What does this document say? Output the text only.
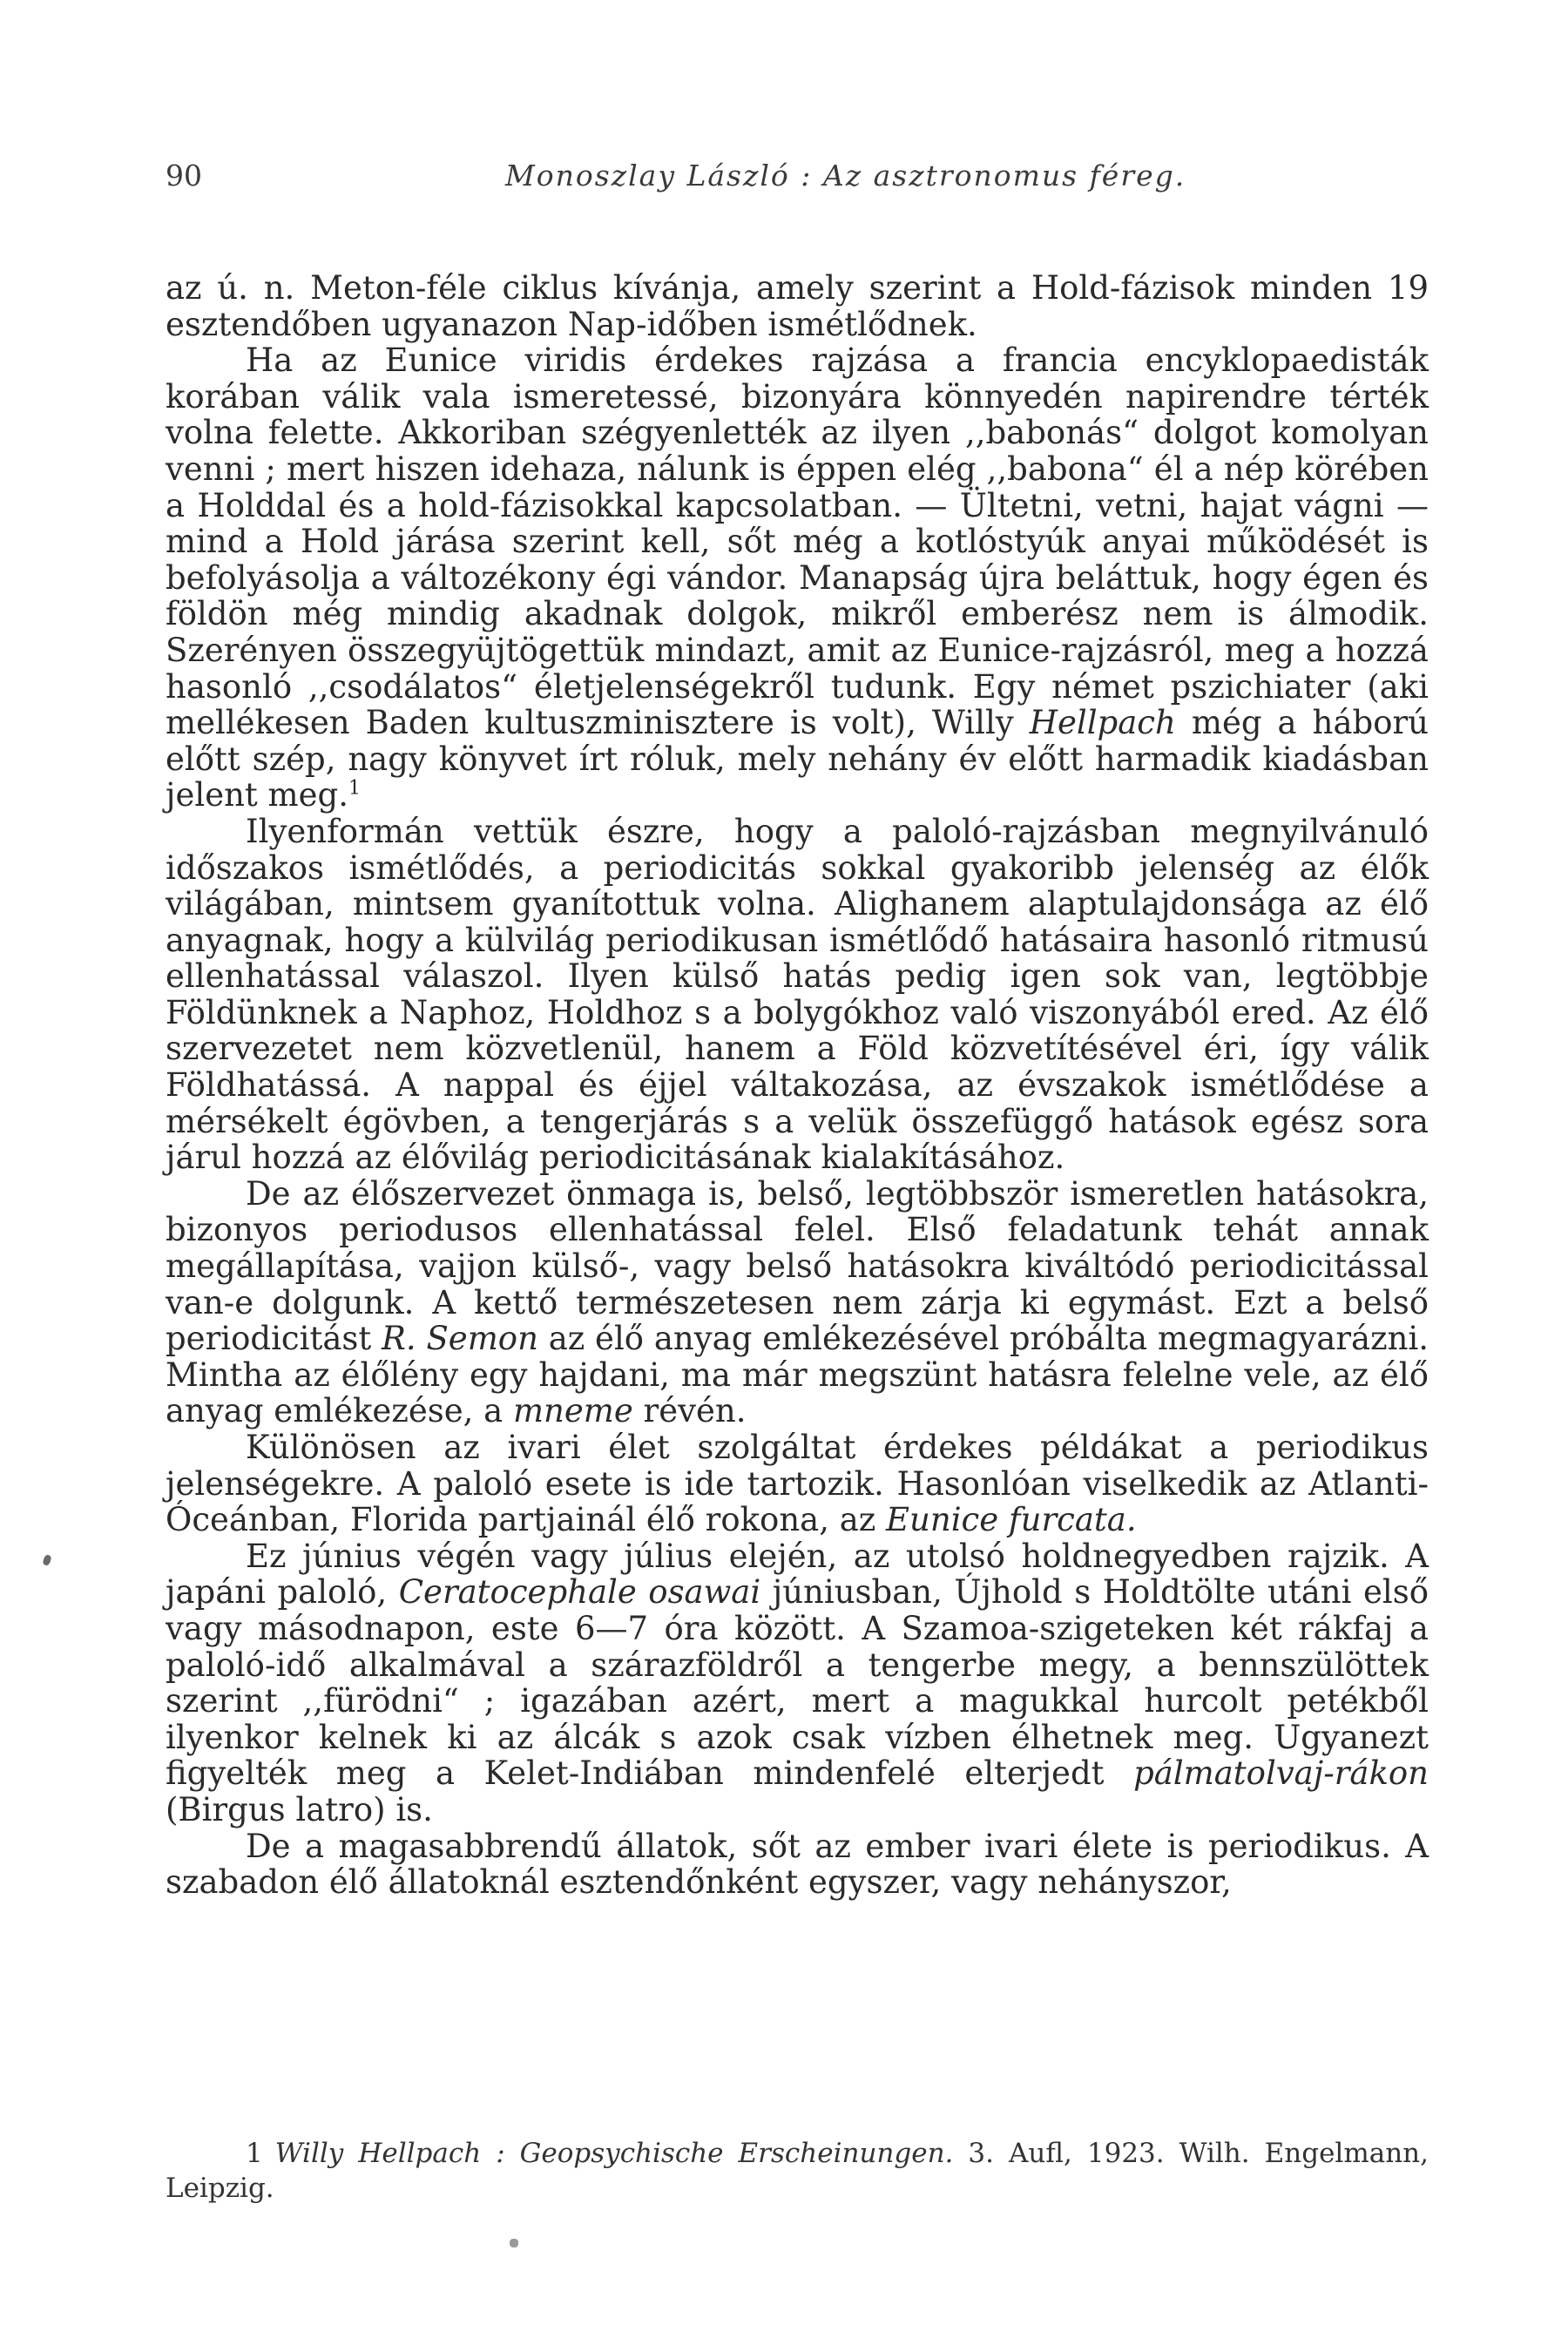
90	Monoszlay László : Az asztronomus féreg.

az ú. n. Meton-féle ciklus kívánja, amely szerint a Hold-fázisok minden 19 esztendőben ugyanazon Nap-időben ismétlődnek.

Ha az Eunice viridis érdekes rajzása a francia encyklopaedisták korában válik vala ismeretessé, bizonyára könnyedén napirendre térték volna felette. Akkoriban szégyenlették az ilyen ,,babonás“ dolgot komolyan venni ; mert hiszen idehaza, nálunk is éppen elég ,,babona“ él a nép körében a Holddal és a hold-fázisokkal kapcsolatban. — Ültetni, vetni, hajat vágni — mind a Hold járása szerint kell, sőt még a kotlóstyúk anyai működését is befolyásolja a változékony égi vándor. Manapság újra beláttuk, hogy égen és földön még mindig akadnak dolgok, mikről emberész nem is álmodik. Szerényen összegyüjtögettük mindazt, amit az Eunice-rajzásról, meg a hozzá hasonló ,,csodálatos“ életjelenségekről tudunk. Egy német pszichiater (aki mellékesen Baden kultuszminisztere is volt), Willy Hellpach még a háború előtt szép, nagy könyvet írt róluk, mely nehány év előtt harmadik kiadásban jelent meg.$^1$

Ilyenformán vettük észre, hogy a paloló-rajzásban megnyilvánuló időszakos ismétlődés, a periodicitás sokkal gyakoribb jelenség az élők világában, mintsem gyanítottuk volna. Alighanem alaptulajdonsága az élő anyagnak, hogy a külvilág periodikusan ismétlődő hatásaira hasonló ritmusú ellenhatással válaszol. Ilyen külső hatás pedig igen sok van, legtöbbje Földünknek a Naphoz, Holdhoz s a bolygókhoz való viszonyából ered. Az élő szervezetet nem közvetlenül, hanem a Föld közvetítésével éri, így válik Földhatássá. A nappal és éjjel váltakozása, az évszakok ismétlődése a mérsékelt égövben, a tengerjárás s a velük összefüggő hatások egész sora járul hozzá az élővilág periodicitásának kialakításához.

De az élőszervezet önmaga is, belső, legtöbbször ismeretlen hatásokra, bizonyos periodusos ellenhatással felel. Első feladatunk tehát annak megállapítása, vajjon külső-, vagy belső hatásokra kiváltódó periodicitással van-e dolgunk. A kettő természetesen nem zárja ki egymást. Ezt a belső periodicitást R. Semon az élő anyag emlékezésével próbálta megmagyarázni. Mintha az élőlény egy hajdani, ma már megszünt hatásra felelne vele, az élő anyag emlékezése, a mneme révén.

Különösen az ivari élet szolgáltat érdekes példákat a periodikus jelenségekre. A paloló esete is ide tartozik. Hasonlóan viselkedik az Atlanti-Óceánban, Florida partjainál élő rokona, az Eunice furcata.

Ez június végén vagy július elején, az utolsó holdnegyedben rajzik. A japáni paloló, Ceratocephale osawai júniusban, Újhold s Holdtölte utáni első vagy másodnapon, este 6—7 óra között. A Szamoa-szigeteken két rákfaj a paloló-idő alkalmával a szárazföldről a tengerbe megy, a bennszülöttek szerint ,,fürödni“ ; igazában azért, mert a magukkal hurcolt petékből ilyenkor kelnek ki az álcák s azok csak vízben élhetnek meg. Ugyanezt figyelték meg a Kelet-Indiában mindenfelé elterjedt pálmatolvaj-rákon (Birgus latro) is.

De a magasabbrendű állatok, sőt az ember ivari élete is periodikus. A szabadon élő állatoknál esztendőnként egyszer, vagy nehányszor,

1 Willy Hellpach : Geopsychische Erscheinungen. 3. Aufl, 1923. Wilh. Engelmann, Leipzig.
